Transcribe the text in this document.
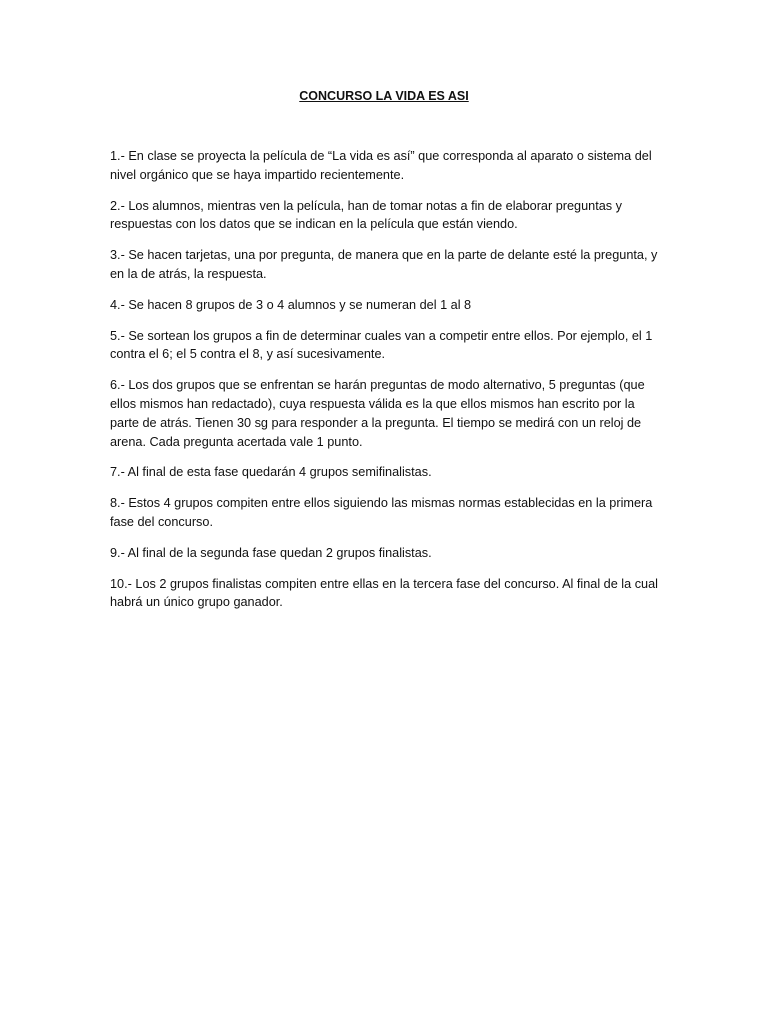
CONCURSO LA VIDA ES ASI

1.- En clase se proyecta la película de “La vida es así” que corresponda al aparato o sistema del nivel orgánico que se haya impartido recientemente.

2.- Los alumnos, mientras ven la película, han de tomar notas a fin de elaborar preguntas y respuestas con los datos que se indican en la película que están viendo.

3.- Se hacen tarjetas, una por pregunta, de manera que en la parte de delante esté la pregunta, y en la de atrás, la respuesta.

4.- Se hacen 8 grupos de 3 o 4 alumnos y se numeran del 1 al 8

5.- Se sortean los grupos a fin de determinar cuales van a competir entre ellos. Por ejemplo, el 1 contra el 6; el 5 contra el 8, y así sucesivamente.

6.- Los dos grupos que se enfrentan se harán preguntas de modo alternativo, 5 preguntas (que ellos mismos han redactado), cuya respuesta válida es la que ellos mismos han escrito por la parte de atrás. Tienen 30 sg para responder a la pregunta. El tiempo se medirá con un reloj de arena. Cada pregunta acertada vale 1 punto.

7.- Al final de esta fase quedarán 4 grupos semifinalistas.

8.- Estos 4 grupos compiten entre ellos siguiendo las mismas normas establecidas en la primera fase del concurso.

9.- Al final de la segunda fase quedan 2 grupos finalistas.

10.- Los 2 grupos finalistas compiten entre ellas en la tercera fase del concurso. Al final de la cual habrá un único grupo ganador.
